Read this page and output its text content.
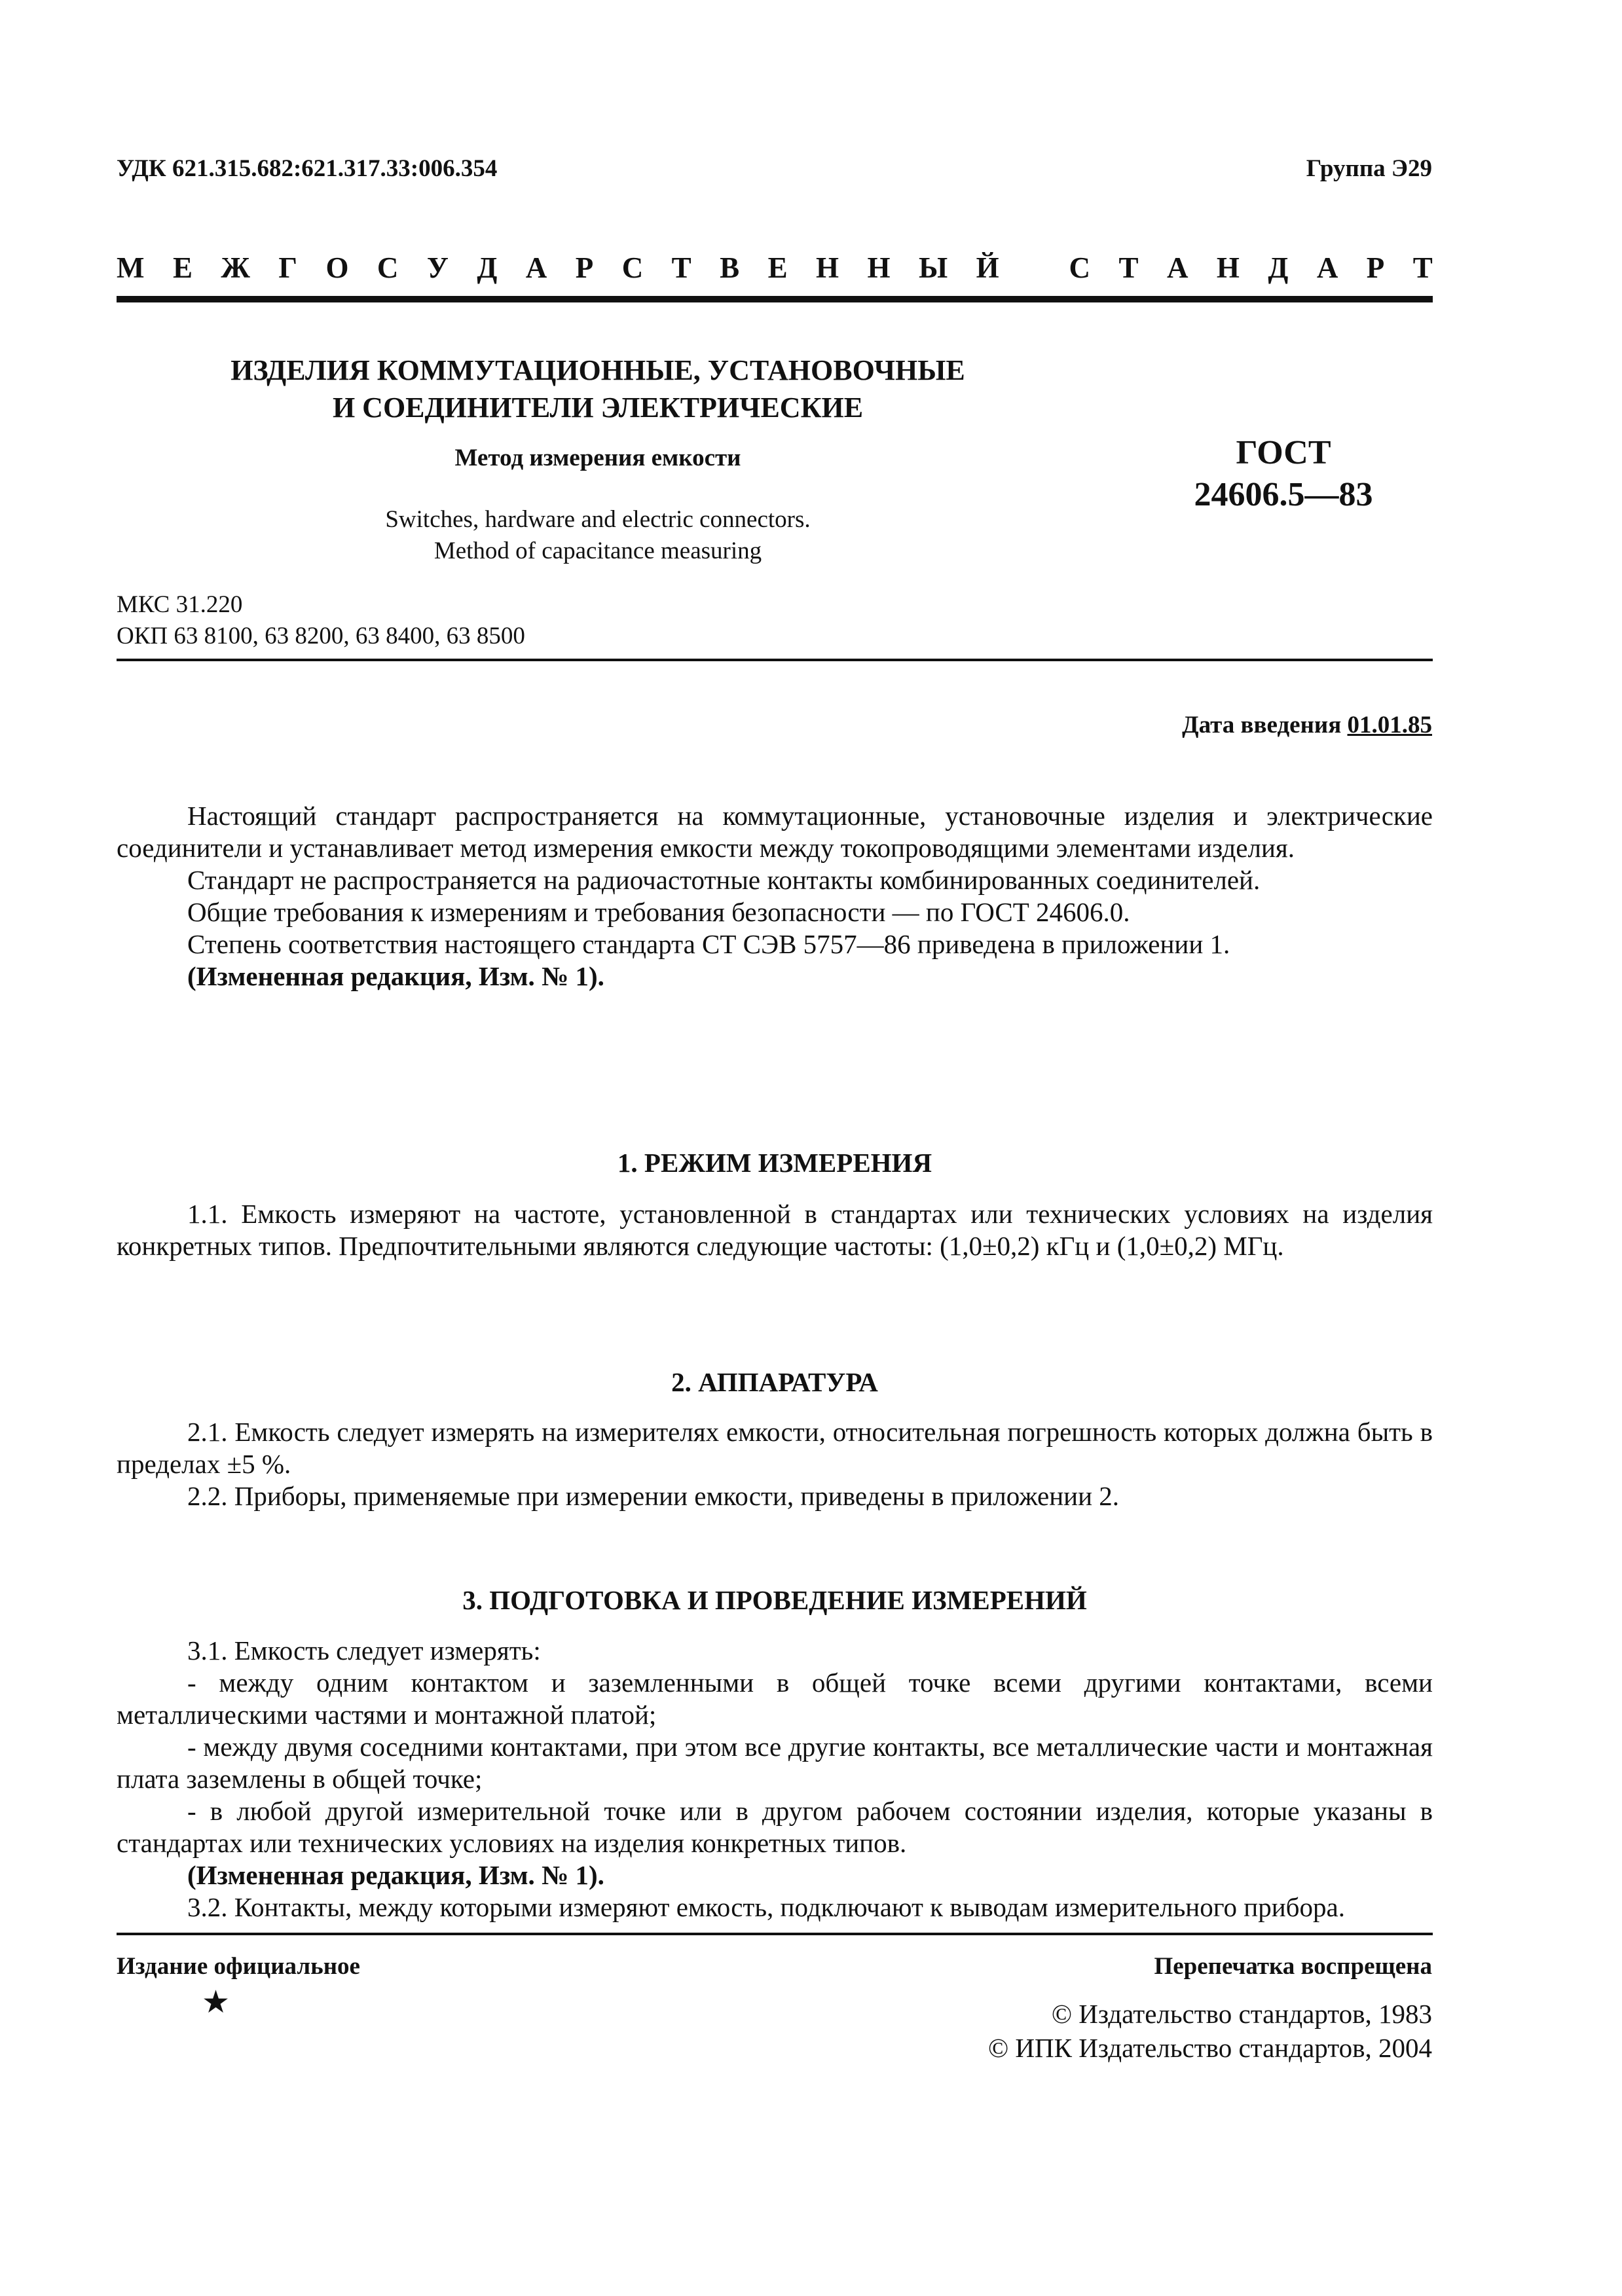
УДК 621.315.682:621.317.33:006.354	Группа Э29
М Е Ж Г О С У Д А Р С Т В Е Н Н Ы Й С Т А Н Д А Р Т
ИЗДЕЛИЯ КОММУТАЦИОННЫЕ, УСТАНОВОЧНЫЕ
И СОЕДИНИТЕЛИ ЭЛЕКТРИЧЕСКИЕ
Метод измерения емкости
Switches, hardware and electric connectors.
Method of capacitance measuring
ГОСТ
24606.5—83
МКС 31.220
ОКП 63 8100, 63 8200, 63 8400, 63 8500
Дата введения 01.01.85

Настоящий стандарт распространяется на коммутационные, установочные изделия и электрические соединители и устанавливает метод измерения емкости между токопроводящими элементами изделия.

Стандарт не распространяется на радиочастотные контакты комбинированных соединителей.

Общие требования к измерениям и требования безопасности — по ГОСТ 24606.0.

Степень соответствия настоящего стандарта СТ СЭВ 5757—86 приведена в приложении 1.

(Измененная редакция, Изм. № 1).

1. РЕЖИМ ИЗМЕРЕНИЯ

1.1. Емкость измеряют на частоте, установленной в стандартах или технических условиях на изделия конкретных типов. Предпочтительными являются следующие частоты: (1,0±0,2) кГц и (1,0±0,2) МГц.

2. АППАРАТУРА

2.1. Емкость следует измерять на измерителях емкости, относительная погрешность которых должна быть в пределах ±5 %.

2.2. Приборы, применяемые при измерении емкости, приведены в приложении 2.

3. ПОДГОТОВКА И ПРОВЕДЕНИЕ ИЗМЕРЕНИЙ

3.1. Емкость следует измерять:

- между одним контактом и заземленными в общей точке всеми другими контактами, всеми металлическими частями и монтажной платой;

- между двумя соседними контактами, при этом все другие контакты, все металлические части и монтажная плата заземлены в общей точке;

- в любой другой измерительной точке или в другом рабочем состоянии изделия, которые указаны в стандартах или технических условиях на изделия конкретных типов.

(Измененная редакция, Изм. № 1).

3.2. Контакты, между которыми измеряют емкость, подключают к выводам измерительного прибора.

Издание официальное	Перепечатка воспрещена
★	© Издательство стандартов, 1983
© ИПК Издательство стандартов, 2004
